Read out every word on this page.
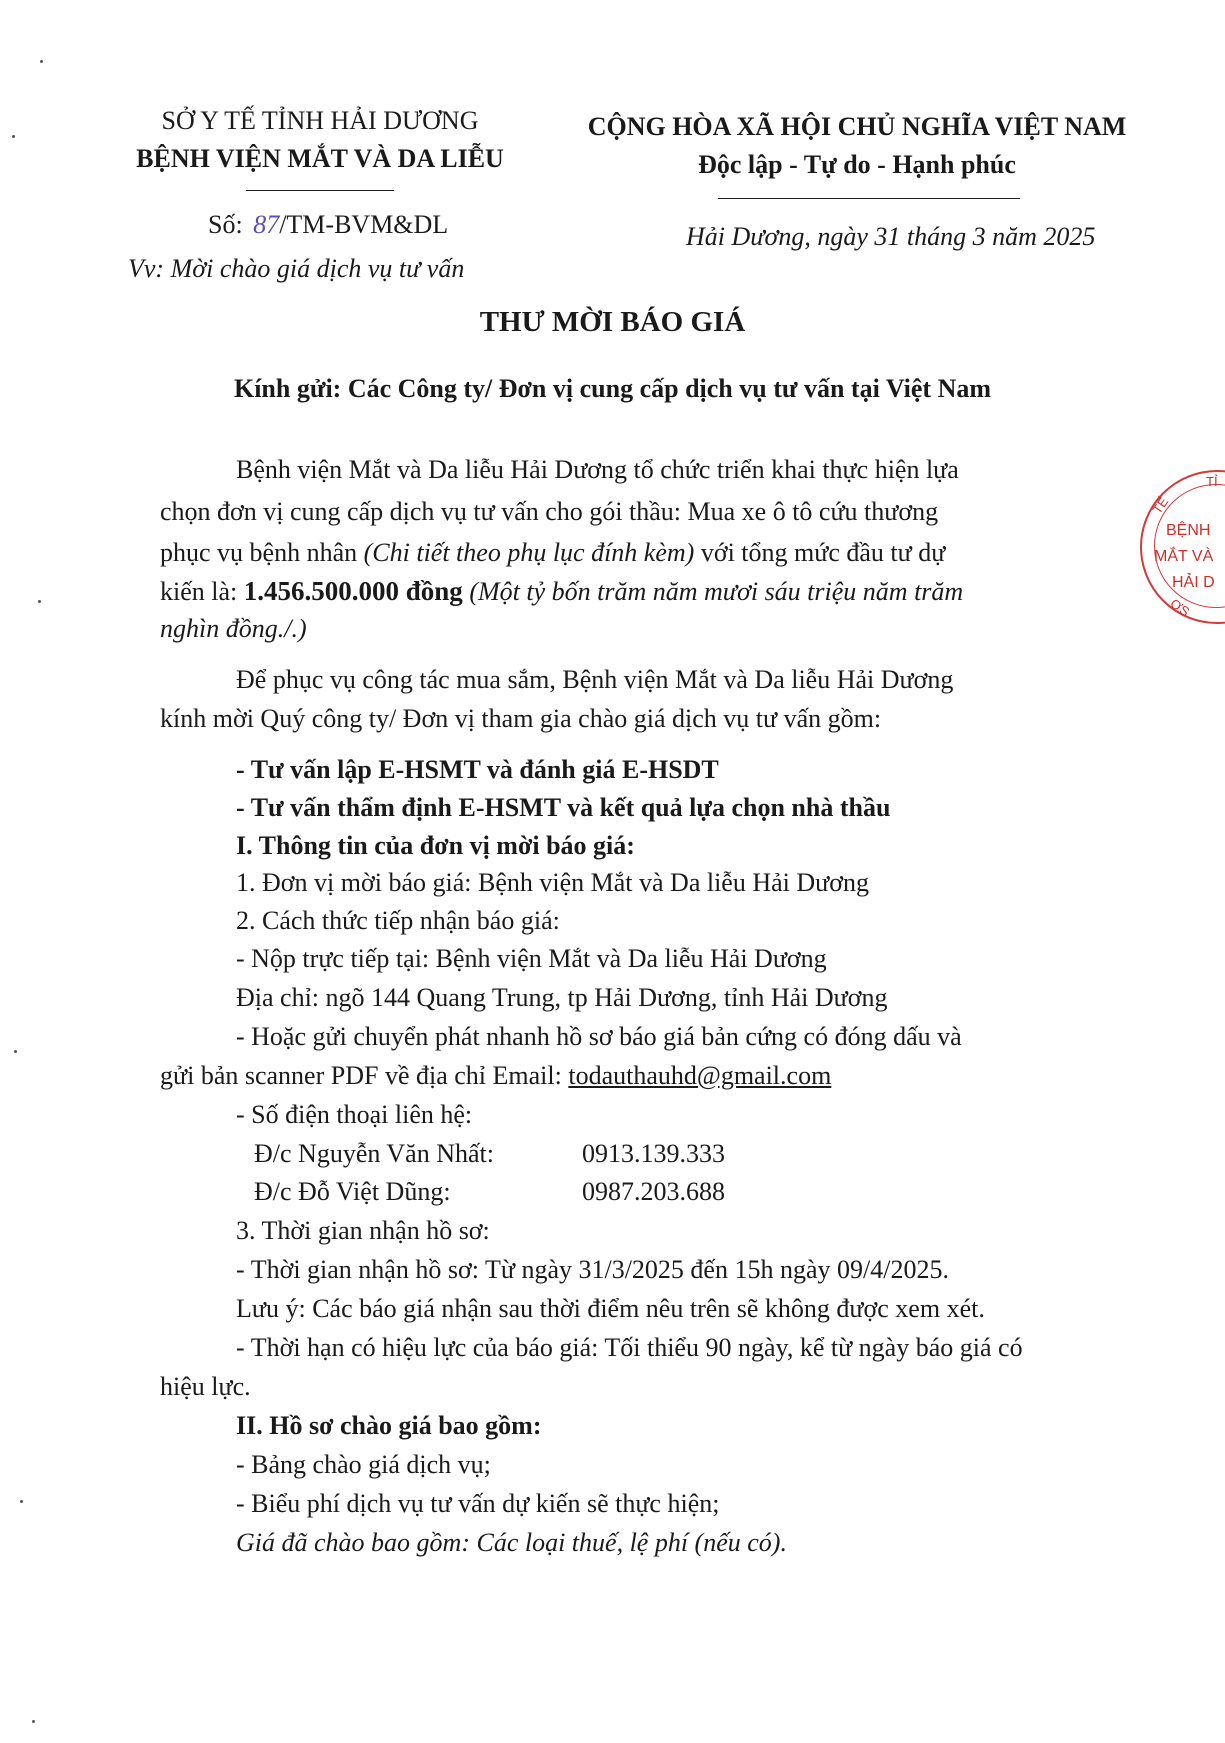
SỞ Y TẾ TỈNH HẢI DƯƠNG
BỆNH VIỆN MẮT VÀ DA LIỄU
Số: 87/TM-BVM&DL
Vv: Mời chào giá dịch vụ tư vấn
CỘNG HÒA XÃ HỘI CHỦ NGHĨA VIỆT NAM
Độc lập - Tự do - Hạnh phúc
Hải Dương, ngày 31 tháng 3 năm 2025
THƯ MỜI BÁO GIÁ
Kính gửi: Các Công ty/ Đơn vị cung cấp dịch vụ tư vấn tại Việt Nam
Bệnh viện Mắt và Da liễu Hải Dương tổ chức triển khai thực hiện lựa
chọn đơn vị cung cấp dịch vụ tư vấn cho gói thầu: Mua xe ô tô cứu thương
phục vụ bệnh nhân (Chi tiết theo phụ lục đính kèm) với tổng mức đầu tư dự
kiến là: 1.456.500.000 đồng (Một tỷ bốn trăm năm mươi sáu triệu năm trăm
nghìn đồng./.)
Để phục vụ công tác mua sắm, Bệnh viện Mắt và Da liễu Hải Dương
kính mời Quý công ty/ Đơn vị tham gia chào giá dịch vụ tư vấn gồm:
- Tư vấn lập E-HSMT và đánh giá E-HSDT
- Tư vấn thẩm định E-HSMT và kết quả lựa chọn nhà thầu
I. Thông tin của đơn vị mời báo giá:
1. Đơn vị mời báo giá: Bệnh viện Mắt và Da liễu Hải Dương
2. Cách thức tiếp nhận báo giá:
- Nộp trực tiếp tại: Bệnh viện Mắt và Da liễu Hải Dương
Địa chỉ: ngõ 144 Quang Trung, tp Hải Dương, tỉnh Hải Dương
- Hoặc gửi chuyển phát nhanh hồ sơ báo giá bản cứng có đóng dấu và
gửi bản scanner PDF về địa chỉ Email: todauthauhd@gmail.com
- Số điện thoại liên hệ:
Đ/c Nguyễn Văn Nhất:	0913.139.333
Đ/c Đỗ Việt Dũng:	0987.203.688
3. Thời gian nhận hồ sơ:
- Thời gian nhận hồ sơ: Từ ngày 31/3/2025 đến 15h ngày 09/4/2025.
Lưu ý: Các báo giá nhận sau thời điểm nêu trên sẽ không được xem xét.
- Thời hạn có hiệu lực của báo giá: Tối thiểu 90 ngày, kể từ ngày báo giá có
hiệu lực.
II. Hồ sơ chào giá bao gồm:
- Bảng chào giá dịch vụ;
- Biểu phí dịch vụ tư vấn dự kiến sẽ thực hiện;
Giá đã chào bao gồm: Các loại thuế, lệ phí (nếu có).
TỈ
TẾ
BỆNH
MẮT VÀ
HẢI D
ƠS
